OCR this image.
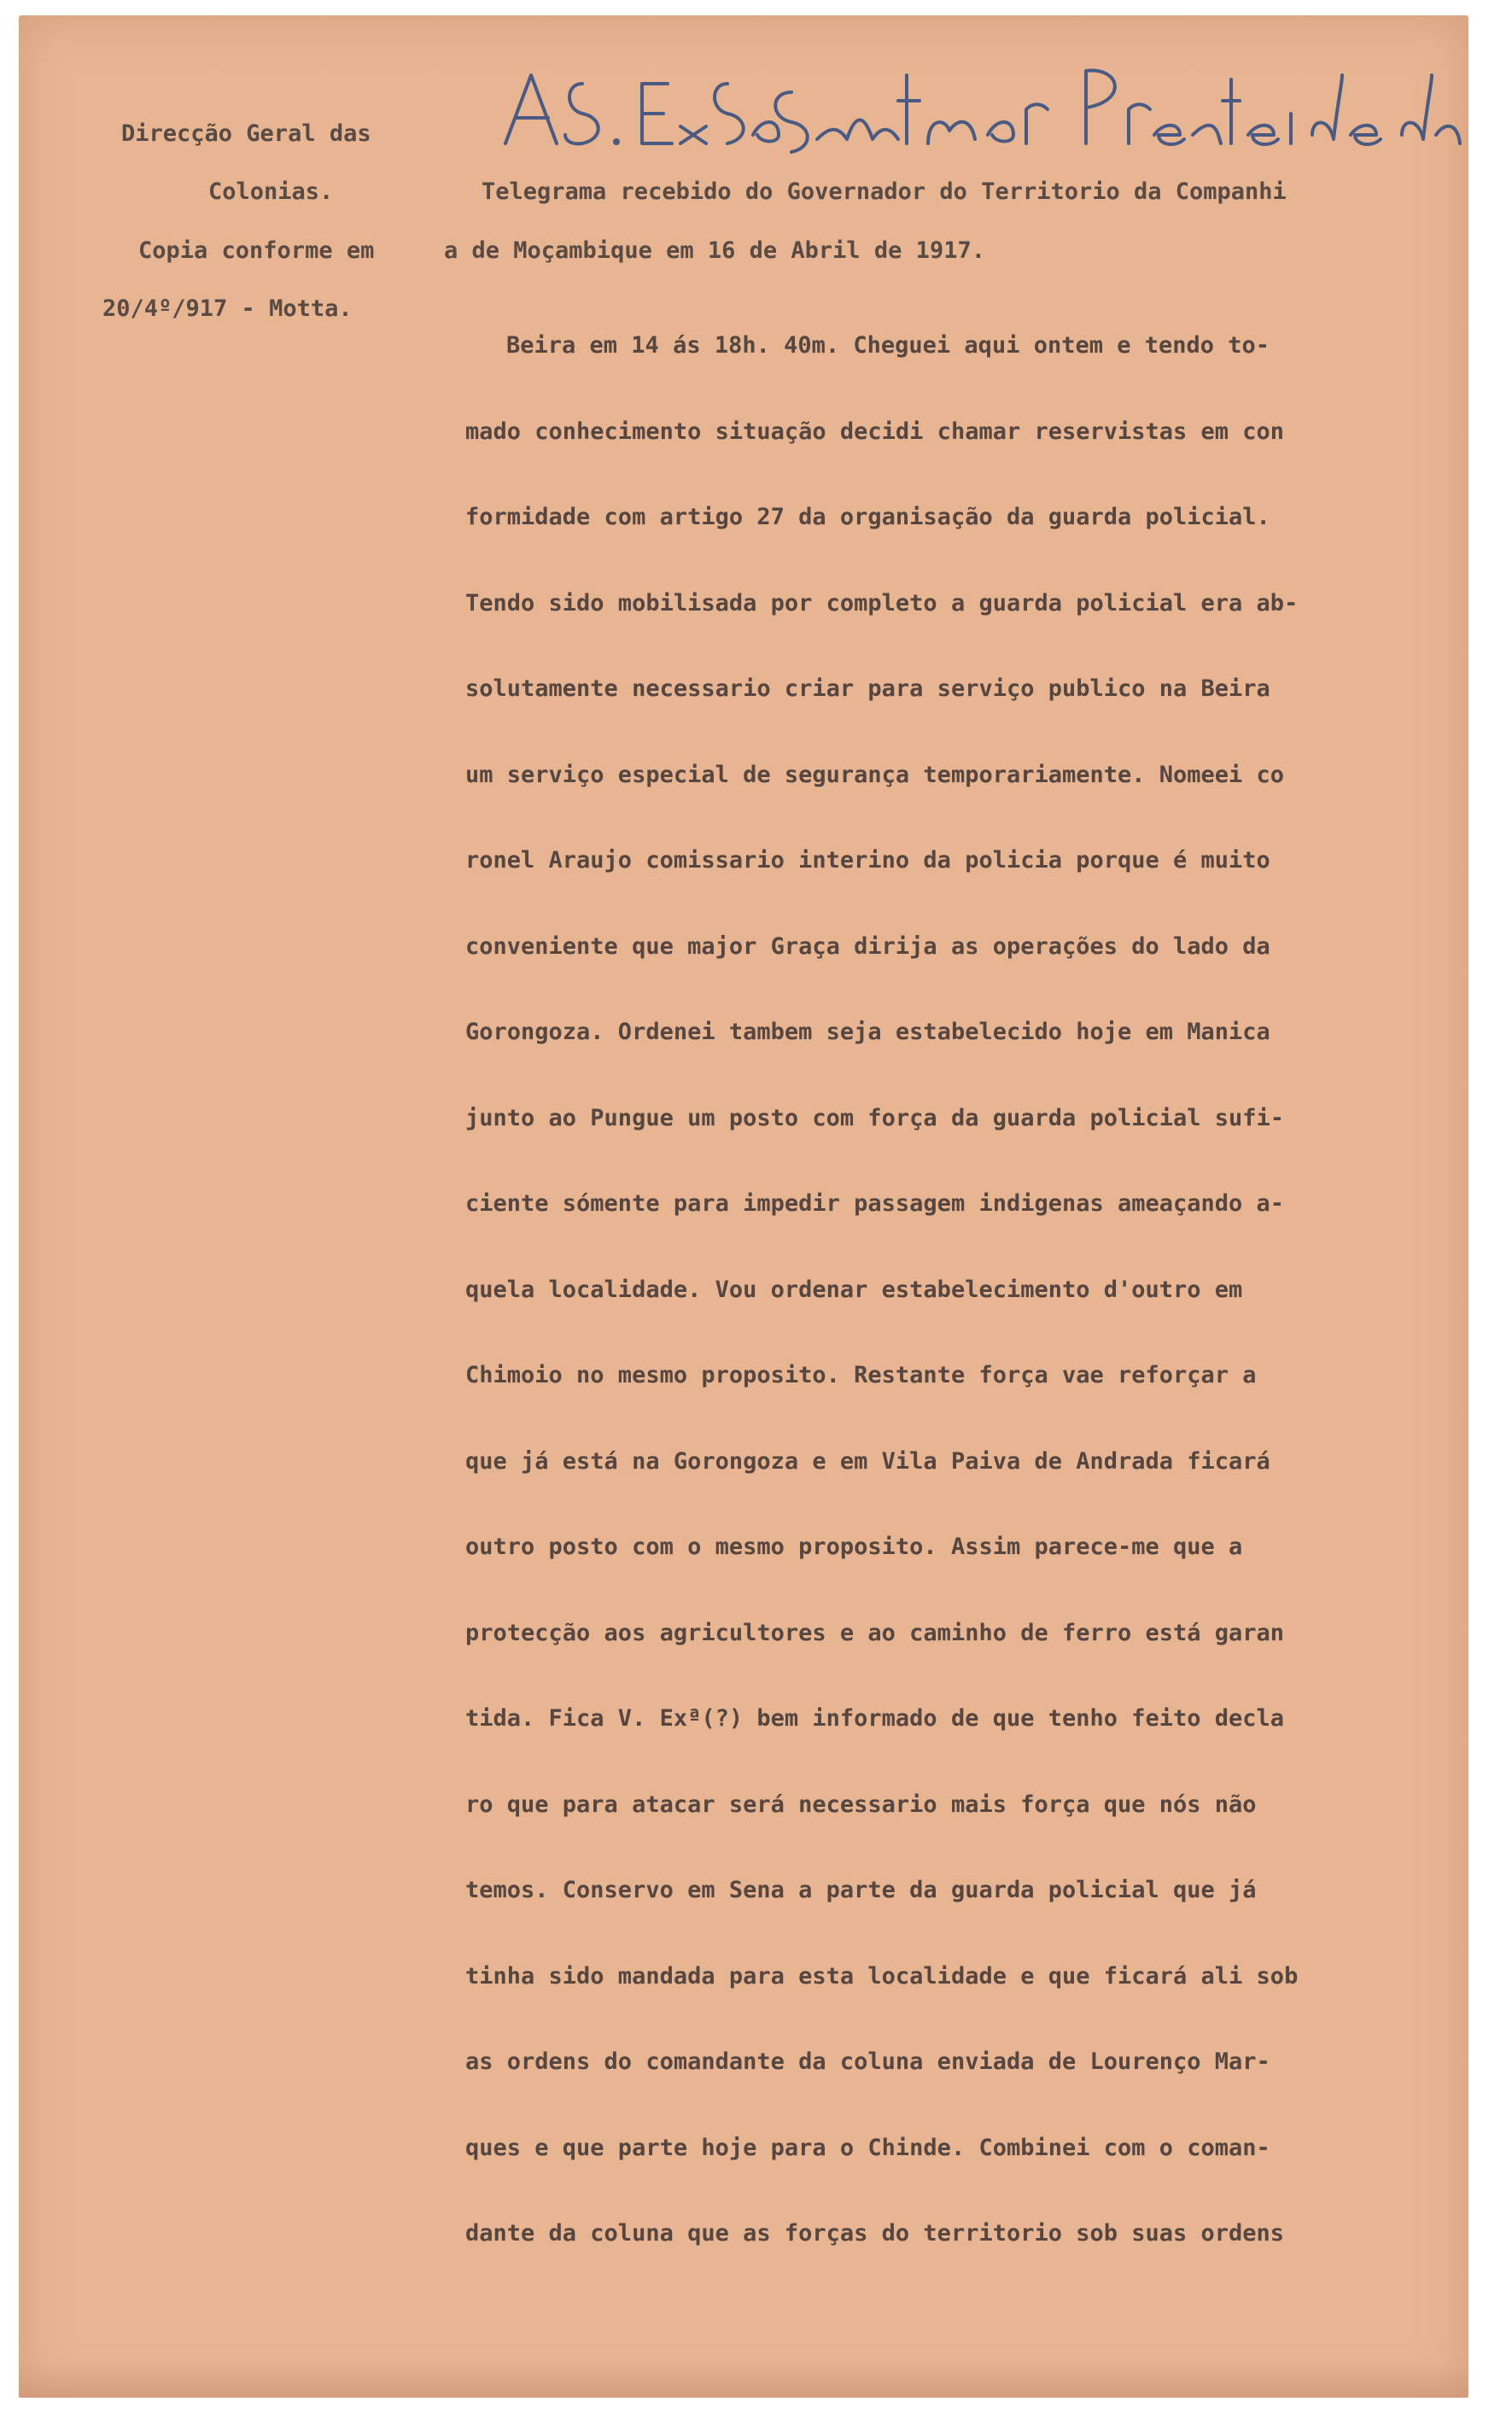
Direcção Geral das

Colonias.

Copia conforme em

20/4º/917 - Motta.

Telegrama recebido do Governador do Territorio da Companhi

a de Moçambique em 16 de Abril de 1917.

Beira em 14 ás 18h. 40m. Cheguei aqui ontem e tendo to-
mado conhecimento situação decidi chamar reservistas em con
formidade com artigo 27 da organisação da guarda policial.
Tendo sido mobilisada por completo a guarda policial era ab-
solutamente necessario criar para serviço publico na Beira
um serviço especial de segurança temporariamente. Nomeei co
ronel Araujo comissario interino da policia porque é muito
conveniente que major Graça dirija as operações do lado da
Gorongoza. Ordenei tambem seja estabelecido hoje em Manica
junto ao Pungue um posto com força da guarda policial sufi-
ciente sómente para impedir passagem indigenas ameaçando a-
quela localidade. Vou ordenar estabelecimento d'outro em
Chimoio no mesmo proposito. Restante força vae reforçar a
que já está na Gorongoza e em Vila Paiva de Andrada ficará
outro posto com o mesmo proposito. Assim parece-me que a
protecção aos agricultores e ao caminho de ferro está garan
tida. Fica V. Exª(?) bem informado de que tenho feito decla
ro que para atacar será necessario mais força que nós não
temos. Conservo em Sena a parte da guarda policial que já
tinha sido mandada para esta localidade e que ficará ali sob
as ordens do comandante da coluna enviada de Lourenço Mar-
ques e que parte hoje para o Chinde. Combinei com o coman-
dante da coluna que as forças do territorio sob suas ordens
